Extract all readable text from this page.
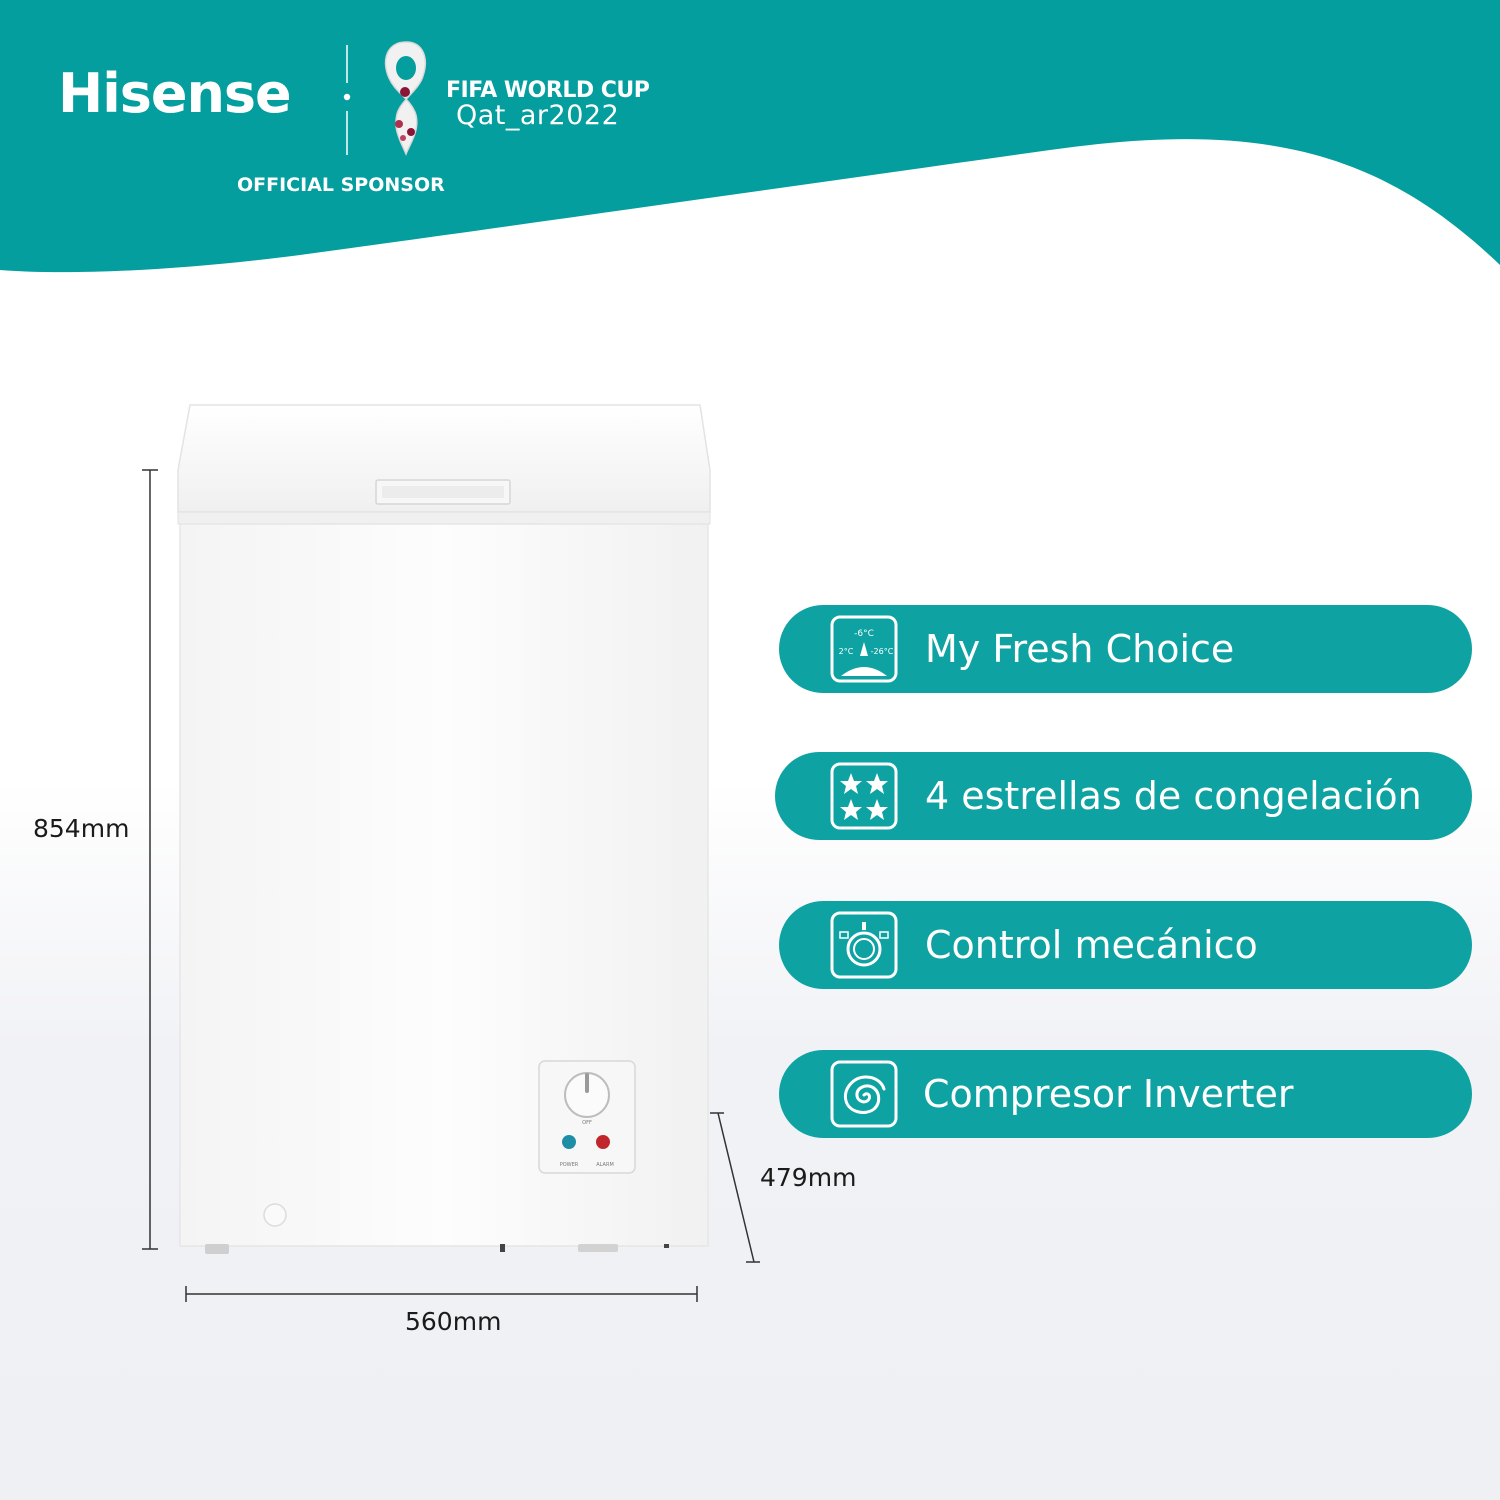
Hisense	FIFA WORLD CUP
Qat_ar2022
OFFICIAL SPONSOR
OFF
POWER	ALARM
854mm
560mm
479mm
-6°C
2°C -26°C My Fresh Choice
4 estrellas de congelación
Control mecánico
Compresor Inverter
